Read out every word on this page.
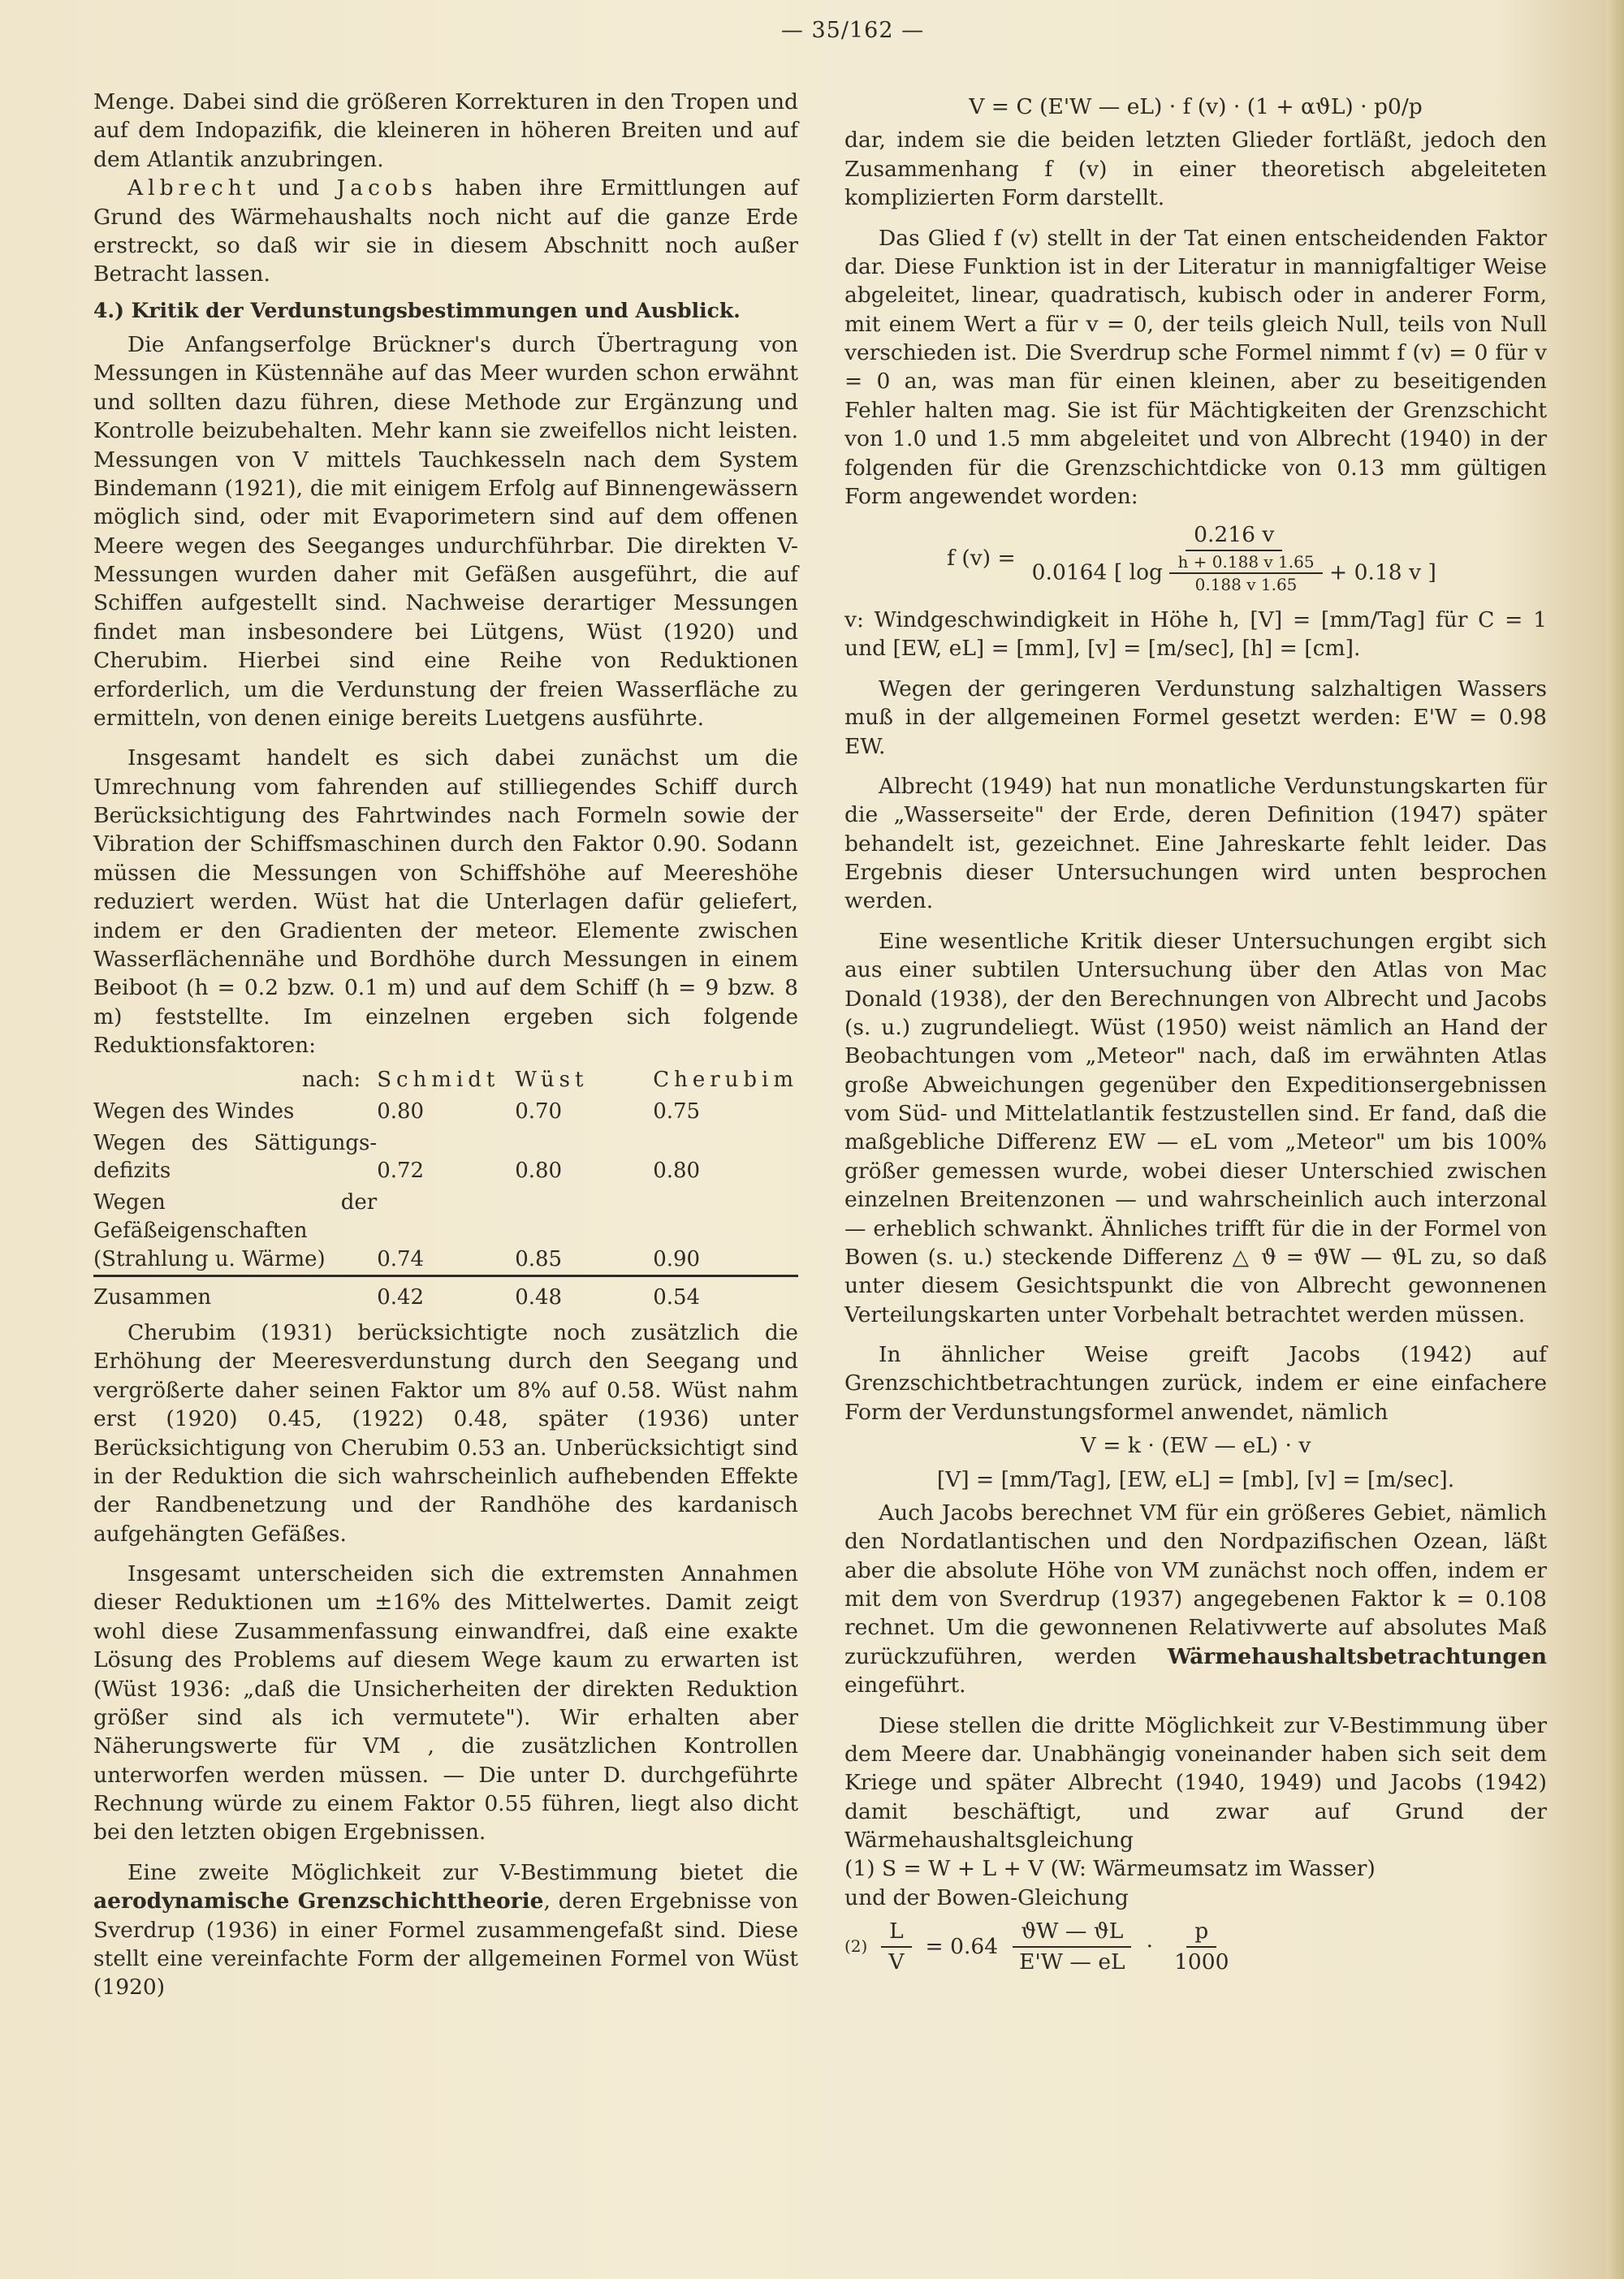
— 35/162 —

Menge. Dabei sind die größeren Korrekturen in den Tropen und auf dem Indopazifik, die kleineren in höheren Breiten und auf dem Atlantik anzubringen.

Albrecht und Jacobs haben ihre Ermittlungen auf Grund des Wärmehaushalts noch nicht auf die ganze Erde erstreckt, so daß wir sie in diesem Abschnitt noch außer Betracht lassen.

4.) Kritik der Verdunstungsbestimmungen und Ausblick.

Die Anfangserfolge Brückner's durch Übertragung von Messungen in Küstennähe auf das Meer wurden schon erwähnt und sollten dazu führen, diese Methode zur Ergänzung und Kontrolle beizubehalten. Mehr kann sie zweifellos nicht leisten. Messungen von V mittels Tauchkesseln nach dem System Bindemann (1921), die mit einigem Erfolg auf Binnengewässern möglich sind, oder mit Evaporimetern sind auf dem offenen Meere wegen des Seeganges undurchführbar. Die direkten V-Messungen wurden daher mit Gefäßen ausgeführt, die auf Schiffen aufgestellt sind. Nachweise derartiger Messungen findet man insbesondere bei Lütgens, Wüst (1920) und Cherubim. Hierbei sind eine Reihe von Reduktionen erforderlich, um die Verdunstung der freien Wasserfläche zu ermitteln, von denen einige bereits Luetgens ausführte.

Insgesamt handelt es sich dabei zunächst um die Umrechnung vom fahrenden auf stilliegendes Schiff durch Berücksichtigung des Fahrtwindes nach Formeln sowie der Vibration der Schiffsmaschinen durch den Faktor 0.90. Sodann müssen die Messungen von Schiffshöhe auf Meereshöhe reduziert werden. Wüst hat die Unterlagen dafür geliefert, indem er den Gradienten der meteor. Elemente zwischen Wasserflächennähe und Bordhöhe durch Messungen in einem Beiboot (h = 0.2 bzw. 0.1 m) und auf dem Schiff (h = 9 bzw. 8 m) feststellte. Im einzelnen ergeben sich folgende Reduktionsfaktoren:

nach:	Schmidt	Wüst	Cherubim
Wegen des Windes	0.80	0.70	0.75
Wegen des Sättigungs-defizits	0.72	0.80	0.80
Wegen der Gefäßeigenschaften (Strahlung u. Wärme)	0.74	0.85	0.90
Zusammen	0.42	0.48	0.54

Cherubim (1931) berücksichtigte noch zusätzlich die Erhöhung der Meeresverdunstung durch den Seegang und vergrößerte daher seinen Faktor um 8% auf 0.58. Wüst nahm erst (1920) 0.45, (1922) 0.48, später (1936) unter Berücksichtigung von Cherubim 0.53 an. Unberücksichtigt sind in der Reduktion die sich wahrscheinlich aufhebenden Effekte der Randbenetzung und der Randhöhe des kardanisch aufgehängten Gefäßes.

Insgesamt unterscheiden sich die extremsten Annahmen dieser Reduktionen um ±16% des Mittelwertes. Damit zeigt wohl diese Zusammenfassung einwandfrei, daß eine exakte Lösung des Problems auf diesem Wege kaum zu erwarten ist (Wüst 1936: „daß die Unsicherheiten der direkten Reduktion größer sind als ich vermutete"). Wir erhalten aber Näherungswerte für VM , die zusätzlichen Kontrollen unterworfen werden müssen. — Die unter D. durchgeführte Rechnung würde zu einem Faktor 0.55 führen, liegt also dicht bei den letzten obigen Ergebnissen.

Eine zweite Möglichkeit zur V-Bestimmung bietet die aerodynamische Grenzschichttheorie, deren Ergebnisse von Sverdrup (1936) in einer Formel zusammengefaßt sind. Diese stellt eine vereinfachte Form der allgemeinen Formel von Wüst (1920)

V = C (E'W — eL) · f (v) · (1 + αϑL) · p0/p

dar, indem sie die beiden letzten Glieder fortläßt, jedoch den Zusammenhang f (v) in einer theoretisch abgeleiteten komplizierten Form darstellt.

Das Glied f (v) stellt in der Tat einen entscheidenden Faktor dar. Diese Funktion ist in der Literatur in mannigfaltiger Weise abgeleitet, linear, quadratisch, kubisch oder in anderer Form, mit einem Wert a für v = 0, der teils gleich Null, teils von Null verschieden ist. Die Sverdrup sche Formel nimmt f (v) = 0 für v = 0 an, was man für einen kleinen, aber zu beseitigenden Fehler halten mag. Sie ist für Mächtigkeiten der Grenzschicht von 1.0 und 1.5 mm abgeleitet und von Albrecht (1940) in der folgenden für die Grenzschichtdicke von 0.13 mm gültigen Form angewendet worden:

f (v) =
0.216 v
0.0164 [ $\log \frac{h + 0.188 v 1.65}{0.188 v 1.65} + 0.18$ v ]

v: Windgeschwindigkeit in Höhe h, [V] = [mm/Tag] für C = 1 und [EW, eL] = [mm], [v] = [m/sec], [h] = [cm].

Wegen der geringeren Verdunstung salzhaltigen Wassers muß in der allgemeinen Formel gesetzt werden: E'W = 0.98 EW.

Albrecht (1949) hat nun monatliche Verdunstungskarten für die „Wasserseite" der Erde, deren Definition (1947) später behandelt ist, gezeichnet. Eine Jahreskarte fehlt leider. Das Ergebnis dieser Untersuchungen wird unten besprochen werden.

Eine wesentliche Kritik dieser Untersuchungen ergibt sich aus einer subtilen Untersuchung über den Atlas von Mac Donald (1938), der den Berechnungen von Albrecht und Jacobs (s. u.) zugrundeliegt. Wüst (1950) weist nämlich an Hand der Beobachtungen vom „Meteor" nach, daß im erwähnten Atlas große Abweichungen gegenüber den Expeditionsergebnissen vom Süd- und Mittelatlantik festzustellen sind. Er fand, daß die maßgebliche Differenz EW — eL vom „Meteor" um bis 100% größer gemessen wurde, wobei dieser Unterschied zwischen einzelnen Breitenzonen — und wahrscheinlich auch interzonal — erheblich schwankt. Ähnliches trifft für die in der Formel von Bowen (s. u.) steckende Differenz △ ϑ = ϑW — ϑL zu, so daß unter diesem Gesichtspunkt die von Albrecht gewonnenen Verteilungskarten unter Vorbehalt betrachtet werden müssen.

In ähnlicher Weise greift Jacobs (1942) auf Grenzschichtbetrachtungen zurück, indem er eine einfachere Form der Verdunstungsformel anwendet, nämlich

V = k · (EW — eL) · v
[V] = [mm/Tag], [EW, eL] = [mb], [v] = [m/sec].

Auch Jacobs berechnet VM für ein größeres Gebiet, nämlich den Nordatlantischen und den Nordpazifischen Ozean, läßt aber die absolute Höhe von VM zunächst noch offen, indem er mit dem von Sverdrup (1937) angegebenen Faktor k = 0.108 rechnet. Um die gewonnenen Relativwerte auf absolutes Maß zurückzuführen, werden Wärmehaushaltsbetrachtungen eingeführt.

Diese stellen die dritte Möglichkeit zur V-Bestimmung über dem Meere dar. Unabhängig voneinander haben sich seit dem Kriege und später Albrecht (1940, 1949) und Jacobs (1942) damit beschäftigt, und zwar auf Grund der Wärmehaushaltsgleichung

(1) S = W + L + V (W: Wärmeumsatz im Wasser)

und der Bowen-Gleichung

$(2) \frac{L}{V} = 0.64 \frac{ϑW — ϑL}{E'W — eL} \cdot \frac{p}{1000}$
